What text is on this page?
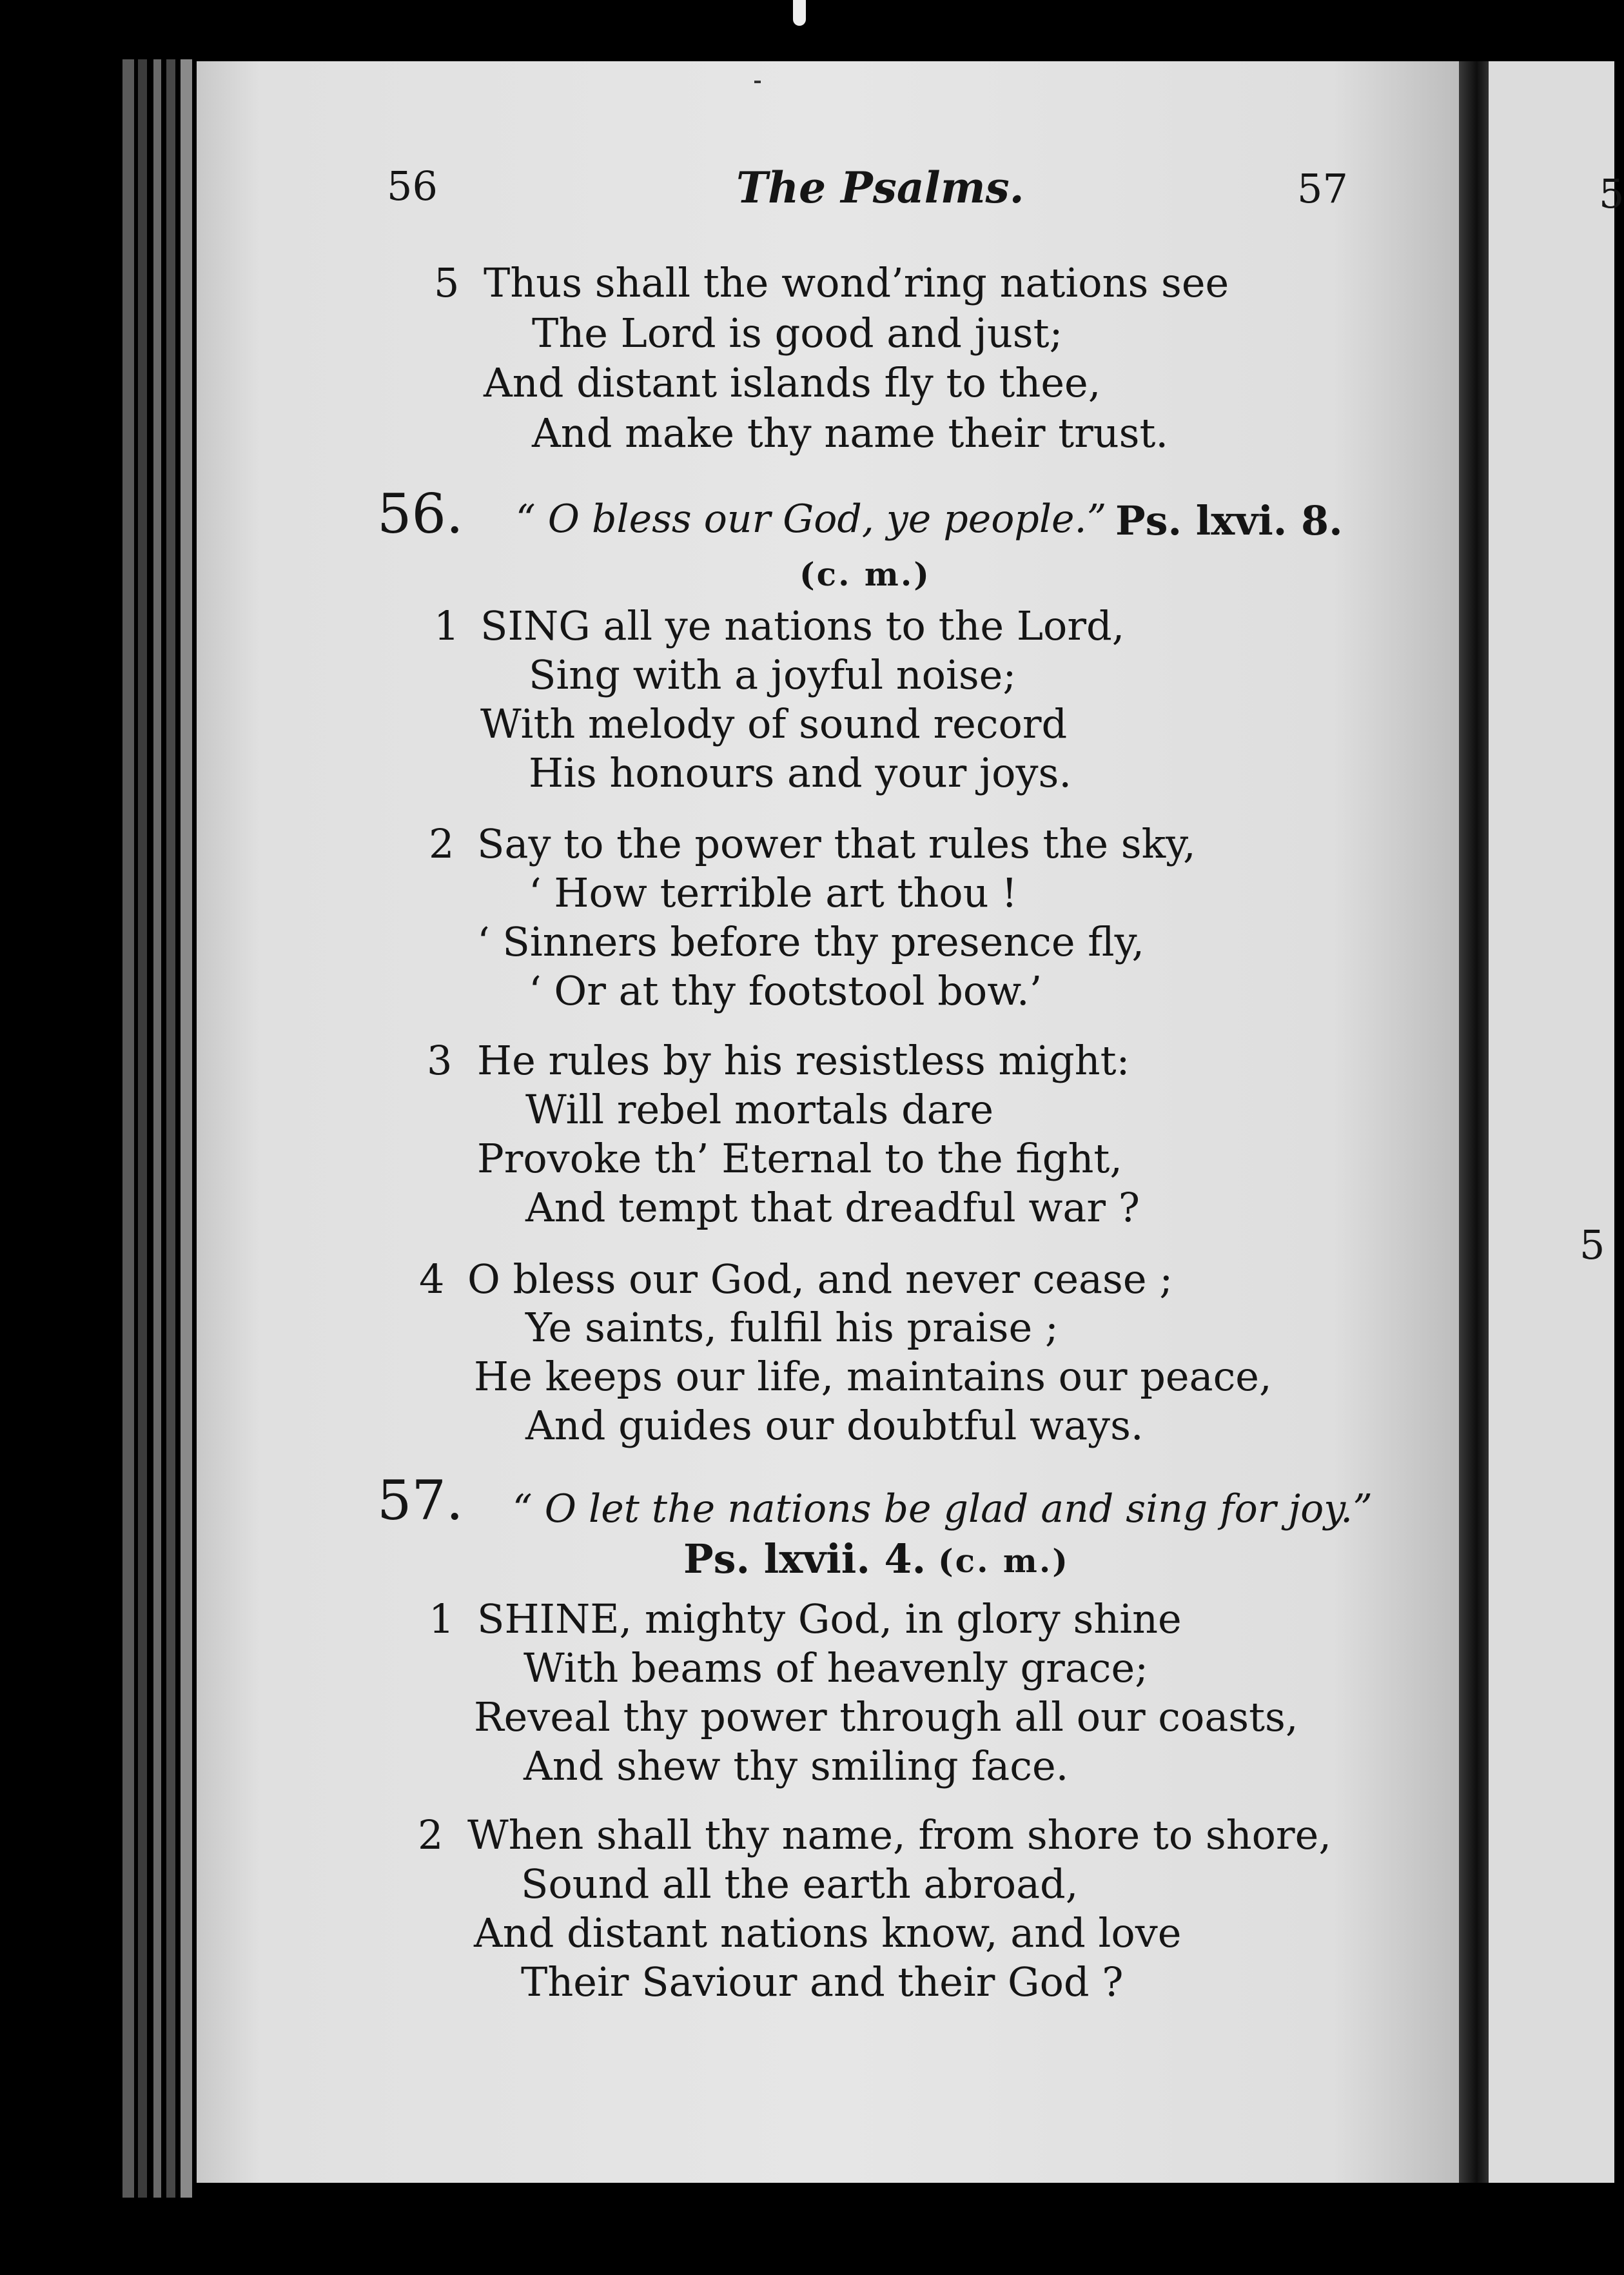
5
5
56	The Psalms.	57
5 Thus shall the wond’ring nations see
The Lord is good and just;
And distant islands fly to thee,
And make thy name their trust.
56. “ O bless our God, ye people.” Ps. lxvi. 8.
(c. m.)
1 SING all ye nations to the Lord,
Sing with a joyful noise;
With melody of sound record
His honours and your joys.
2 Say to the power that rules the sky,
‘ How terrible art thou !
‘ Sinners before thy presence fly,
‘ Or at thy footstool bow.’
3 He rules by his resistless might:
Will rebel mortals dare
Provoke th’ Eternal to the fight,
And tempt that dreadful war ?
4 O bless our God, and never cease ;
Ye saints, fulfil his praise ;
He keeps our life, maintains our peace,
And guides our doubtful ways.
57. “ O let the nations be glad and sing for joy.”
Ps. lxvii. 4. (c. m.)
1 SHINE, mighty God, in glory shine
With beams of heavenly grace;
Reveal thy power through all our coasts,
And shew thy smiling face.
2 When shall thy name, from shore to shore,
Sound all the earth abroad,
And distant nations know, and love
Their Saviour and their God ?
